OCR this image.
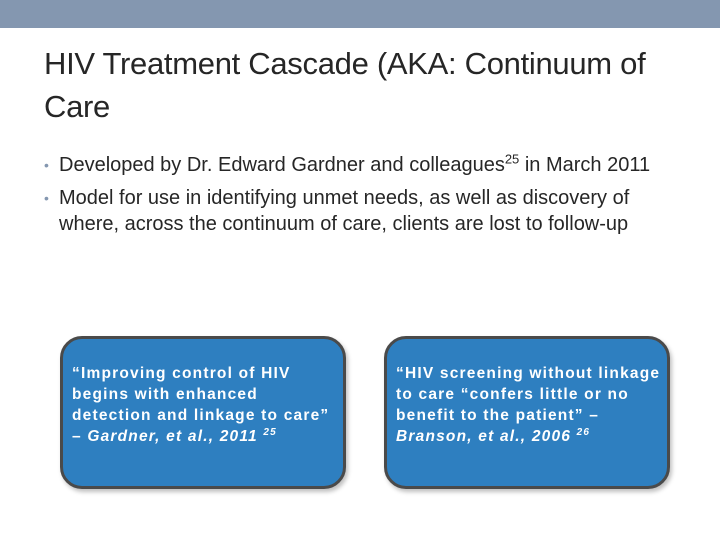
HIV Treatment Cascade (AKA: Continuum of Care
• Developed by Dr. Edward Gardner and colleagues$^{25}$ in March 2011
• Model for use in identifying unmet needs, as well as discovery of where, across the continuum of care, clients are lost to follow-up
“Improving control of HIV begins with enhanced detection and linkage to care” – Gardner, et al., 2011 $^{25}$
“HIV screening without linkage to care “confers little or no benefit to the patient” – Branson, et al., 2006 $^{26}$
